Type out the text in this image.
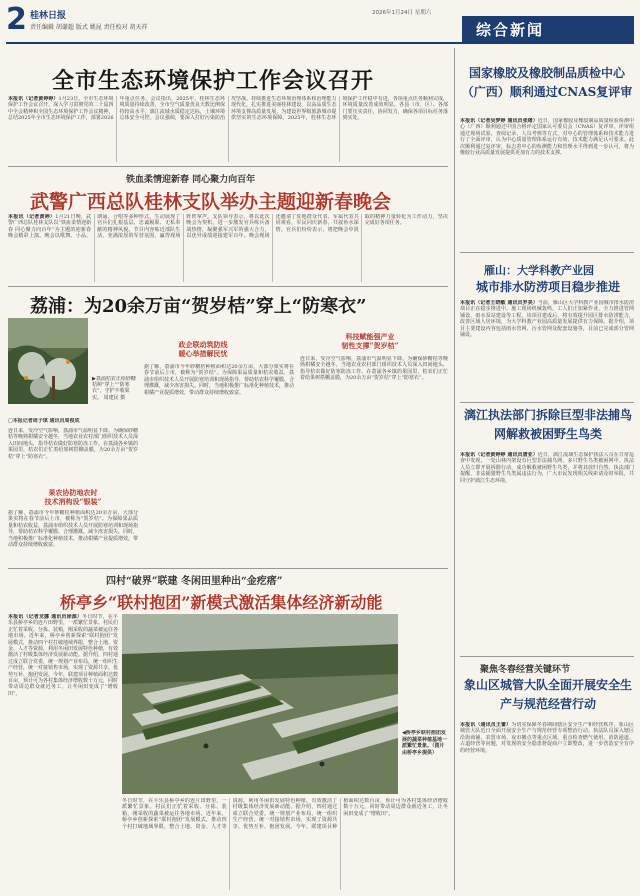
2 桂林日报
责任编辑 胡谦超 版式 姚昆 责任校对 胡天祥
2026年1月24日 星期六
综合新闻
全市生态环境保护工作会议召开
本报讯（记者黄婷婷）1月23日，全市生态环境保护工作会议召开，深入学习贯彻党的二十届四中全会精神和全国生态环境保护工作会议精神，总结2025年全市生态环境保护工作，部署2026年重点任务。会议指出，2025年，桂林生态环境质量持续改善，全市空气质量优良天数比例保持较高水平，漓江流域水质稳定达标，土壤环境总体安全可控。会议强调，要深入打好污染防治攻坚战，持续推进生态环境治理体系和治理能力现代化，扎实推进美丽桂林建设，以高品质生态环境支撑高质量发展，为建设世界级旅游城市提供坚实的生态环境保障。2025年，桂林生态环境保护工作稳中有进，各项重点任务顺利完成，环境质量改善成效明显。各县（市、区）、各部门要压实责任，协同发力，确保各项目标任务落到实处。
铁血柔情迎新春 同心聚力向百年
武警广西总队桂林支队举办主题迎新春晚会
本报讯（记者黄婷）1月21日晚，武警广西总队桂林支队以“铁血柔情迎新春 同心聚力向百年”为主题的迎新春晚会精彩上演。晚会以歌舞、小品、朗诵、合唱等多种形式，生动展现了官兵们扎根基层、忠诚履职、无私奉献的精神风貌。节目内容贴近部队生活，充满浓厚的军营氛围，赢得现场阵阵掌声。支队领导表示，将以此次晚会为契机，进一步激发官兵练兵备战热情，凝聚强军兴军的强大合力，以优异成绩迎接建军百年。晚会现场还邀请了驻地群众代表、军属代表共同观看，军民同庆新春，共叙鱼水深情。官兵们纷纷表示，将把晚会中汲取的精神力量转化为工作动力，坚决完成好各项任务。
荔浦：为20余万亩“贺岁桔”穿上“防寒衣”
▶荔浦桔农正给砂糖桔树“穿上”“防寒衣”，守护丰收果实。 周建民 摄
□本报记者周子琪 通讯员周俊成
连日来，受冷空气影响，荔浦市气温明显下降。为确保砂糖桔等晚熟柑橘安全越冬，当地农业农村部门组织技术人员深入田间地头，指导桔农做好防寒防冻工作。在荔浦各乡镇的果园里，桔农们正忙着给果树搭棚盖膜，为20余万亩“贺岁桔”穿上“防寒衣”。
果农协防地农时
技术消构设“银装”
据了解，荔浦市今年砂糖桔种植面积达20余万亩，大部分果实将在春节前后上市，被称为“贺岁桔”。为保障果品质量和桔农收益，荔浦市组织技术人员开展防寒培训和现场指导，帮助桔农科学覆膜、合理灌溉，减少冻害损失。同时，当地积极推广标准化种植技术，推动柑橘产业提质增效，带动群众持续增收致富。
政企联动筑防线
暖心举措解民忧
据了解，荔浦市今年砂糖桔种植面积达20余万亩，大部分果实将在春节前后上市，被称为“贺岁桔”。为保障果品质量和桔农收益，荔浦市组织技术人员开展防寒培训和现场指导，帮助桔农科学覆膜、合理灌溉，减少冻害损失。同时，当地积极推广标准化种植技术，推动柑橘产业提质增效，带动群众持续增收致富。
科技赋能强产业
韧性支撑“贺岁桔”
连日来，受冷空气影响，荔浦市气温明显下降。为确保砂糖桔等晚熟柑橘安全越冬，当地农业农村部门组织技术人员深入田间地头，指导桔农做好防寒防冻工作。在荔浦各乡镇的果园里，桔农们正忙着给果树搭棚盖膜，为20余万亩“贺岁桔”穿上“防寒衣”。
四村“破界”联建 冬闲田里种出“金疙瘩”
桥亭乡“联村抱团”新模式激活集体经济新动能
本报讯（记者龙娜 通讯员徐源）冬日时节，在平乐县桥亭乡的连片田野里，一派繁忙景象。村民们正忙着采收、分拣、装箱，刚采收的蔬菜被运往各地市场。近年来，桥亭乡创新探索“联村抱团”发展模式，推动四个村打破地域界限，整合土地、资金、人才等资源，利用冬闲田发展特色种植，有效激活了村级集体经济发展新动能。据介绍，四村通过成立联合党委，统一规划产业布局，统一组织生产经营，统一对接销售市场，实现了资源共享、优势互补、抱团发展。今年，联建项目种植面积达数百亩，预计可为各村集体经济增收数十万元，同时带动周边群众就近务工，让冬闲田变成了“增收田”。
◀桥亭乡联村抱团发展的蔬菜种植基地一派繁忙景象。（图片由桥亭乡提供）
冬日时节，在平乐县桥亭乡的连片田野里，一派繁忙景象。村民们正忙着采收、分拣、装箱，刚采收的蔬菜被运往各地市场。近年来，桥亭乡创新探索“联村抱团”发展模式，推动四个村打破地域界限，整合土地、资金、人才等资源，利用冬闲田发展特色种植，有效激活了村级集体经济发展新动能。据介绍，四村通过成立联合党委，统一规划产业布局，统一组织生产经营，统一对接销售市场，实现了资源共享、优势互补、抱团发展。今年，联建项目种植面积达数百亩，预计可为各村集体经济增收数十万元，同时带动周边群众就近务工，让冬闲田变成了“增收田”。
国家橡胶及橡胶制品质检中心（广西）顺利通过CNAS复评审
本报讯（记者吴梦婷 通讯员张绪）近日，国家橡胶及橡胶制品质量检验检测中心（广西）顺利通过中国合格评定国家认可委员会（CNAS）复评审。评审组通过现场试验、查阅记录、人员考核等方式，对中心的管理体系和技术能力进行了全面评审，认为中心质量管理体系运行有效，技术能力满足认可要求。此次顺利通过复评审，标志着中心的检测能力和管理水平得到进一步认可，将为橡胶行业高质量发展提供更加有力的技术支撑。
雁山：大学科教产业园
城市排水防涝项目稳步推进
本报讯（记者王晓敏 通讯员罗美）当前，雁山区大学科教产业园城市排水防涝项目正在稳步推进中。施工现场机械轰鸣，工人们正加紧作业，全力推进管网铺设、雨水泵站建设等工程。该项目建成后，将有效提升园区排水防涝能力，改善区域人居环境，为大学科教产业园高质量发展提供有力保障。据介绍，项目主要建设内容包括雨水管网、污水管网及配套设施等，目前已完成部分管网铺设。
漓江执法部门拆除巨型非法捕鸟网解救被困野生鸟类
本报讯（记者黄婷婷 通讯员唐亚）近日，漓江流域生态保护执法人员在日常巡查中发现，一处山林内架设有巨型非法捕鸟网，多只野生鸟类被困网中。执法人员立即开展拆除行动，成功解救被困野生鸟类，并将其放归自然。执法部门提醒，非法捕猎野生鸟类属违法行为，广大市民发现相关线索请及时举报，共同守护漓江生态环境。
聚焦冬春经营关键环节
象山区城管大队全面开展安全生产与规范经营行动
本报讯（通讯员王蕾）为切实保障冬春期间辖区安全生产和经营秩序，象山区城管大队近日全面开展安全生产与规范经营专项整治行动。执法队员深入辖区沿街商铺、农贸市场、夜市摊点等重点区域，重点检查燃气使用、消防通道、占道经营等问题，对发现的安全隐患督促商户立即整改，进一步营造安全有序的经营环境。
